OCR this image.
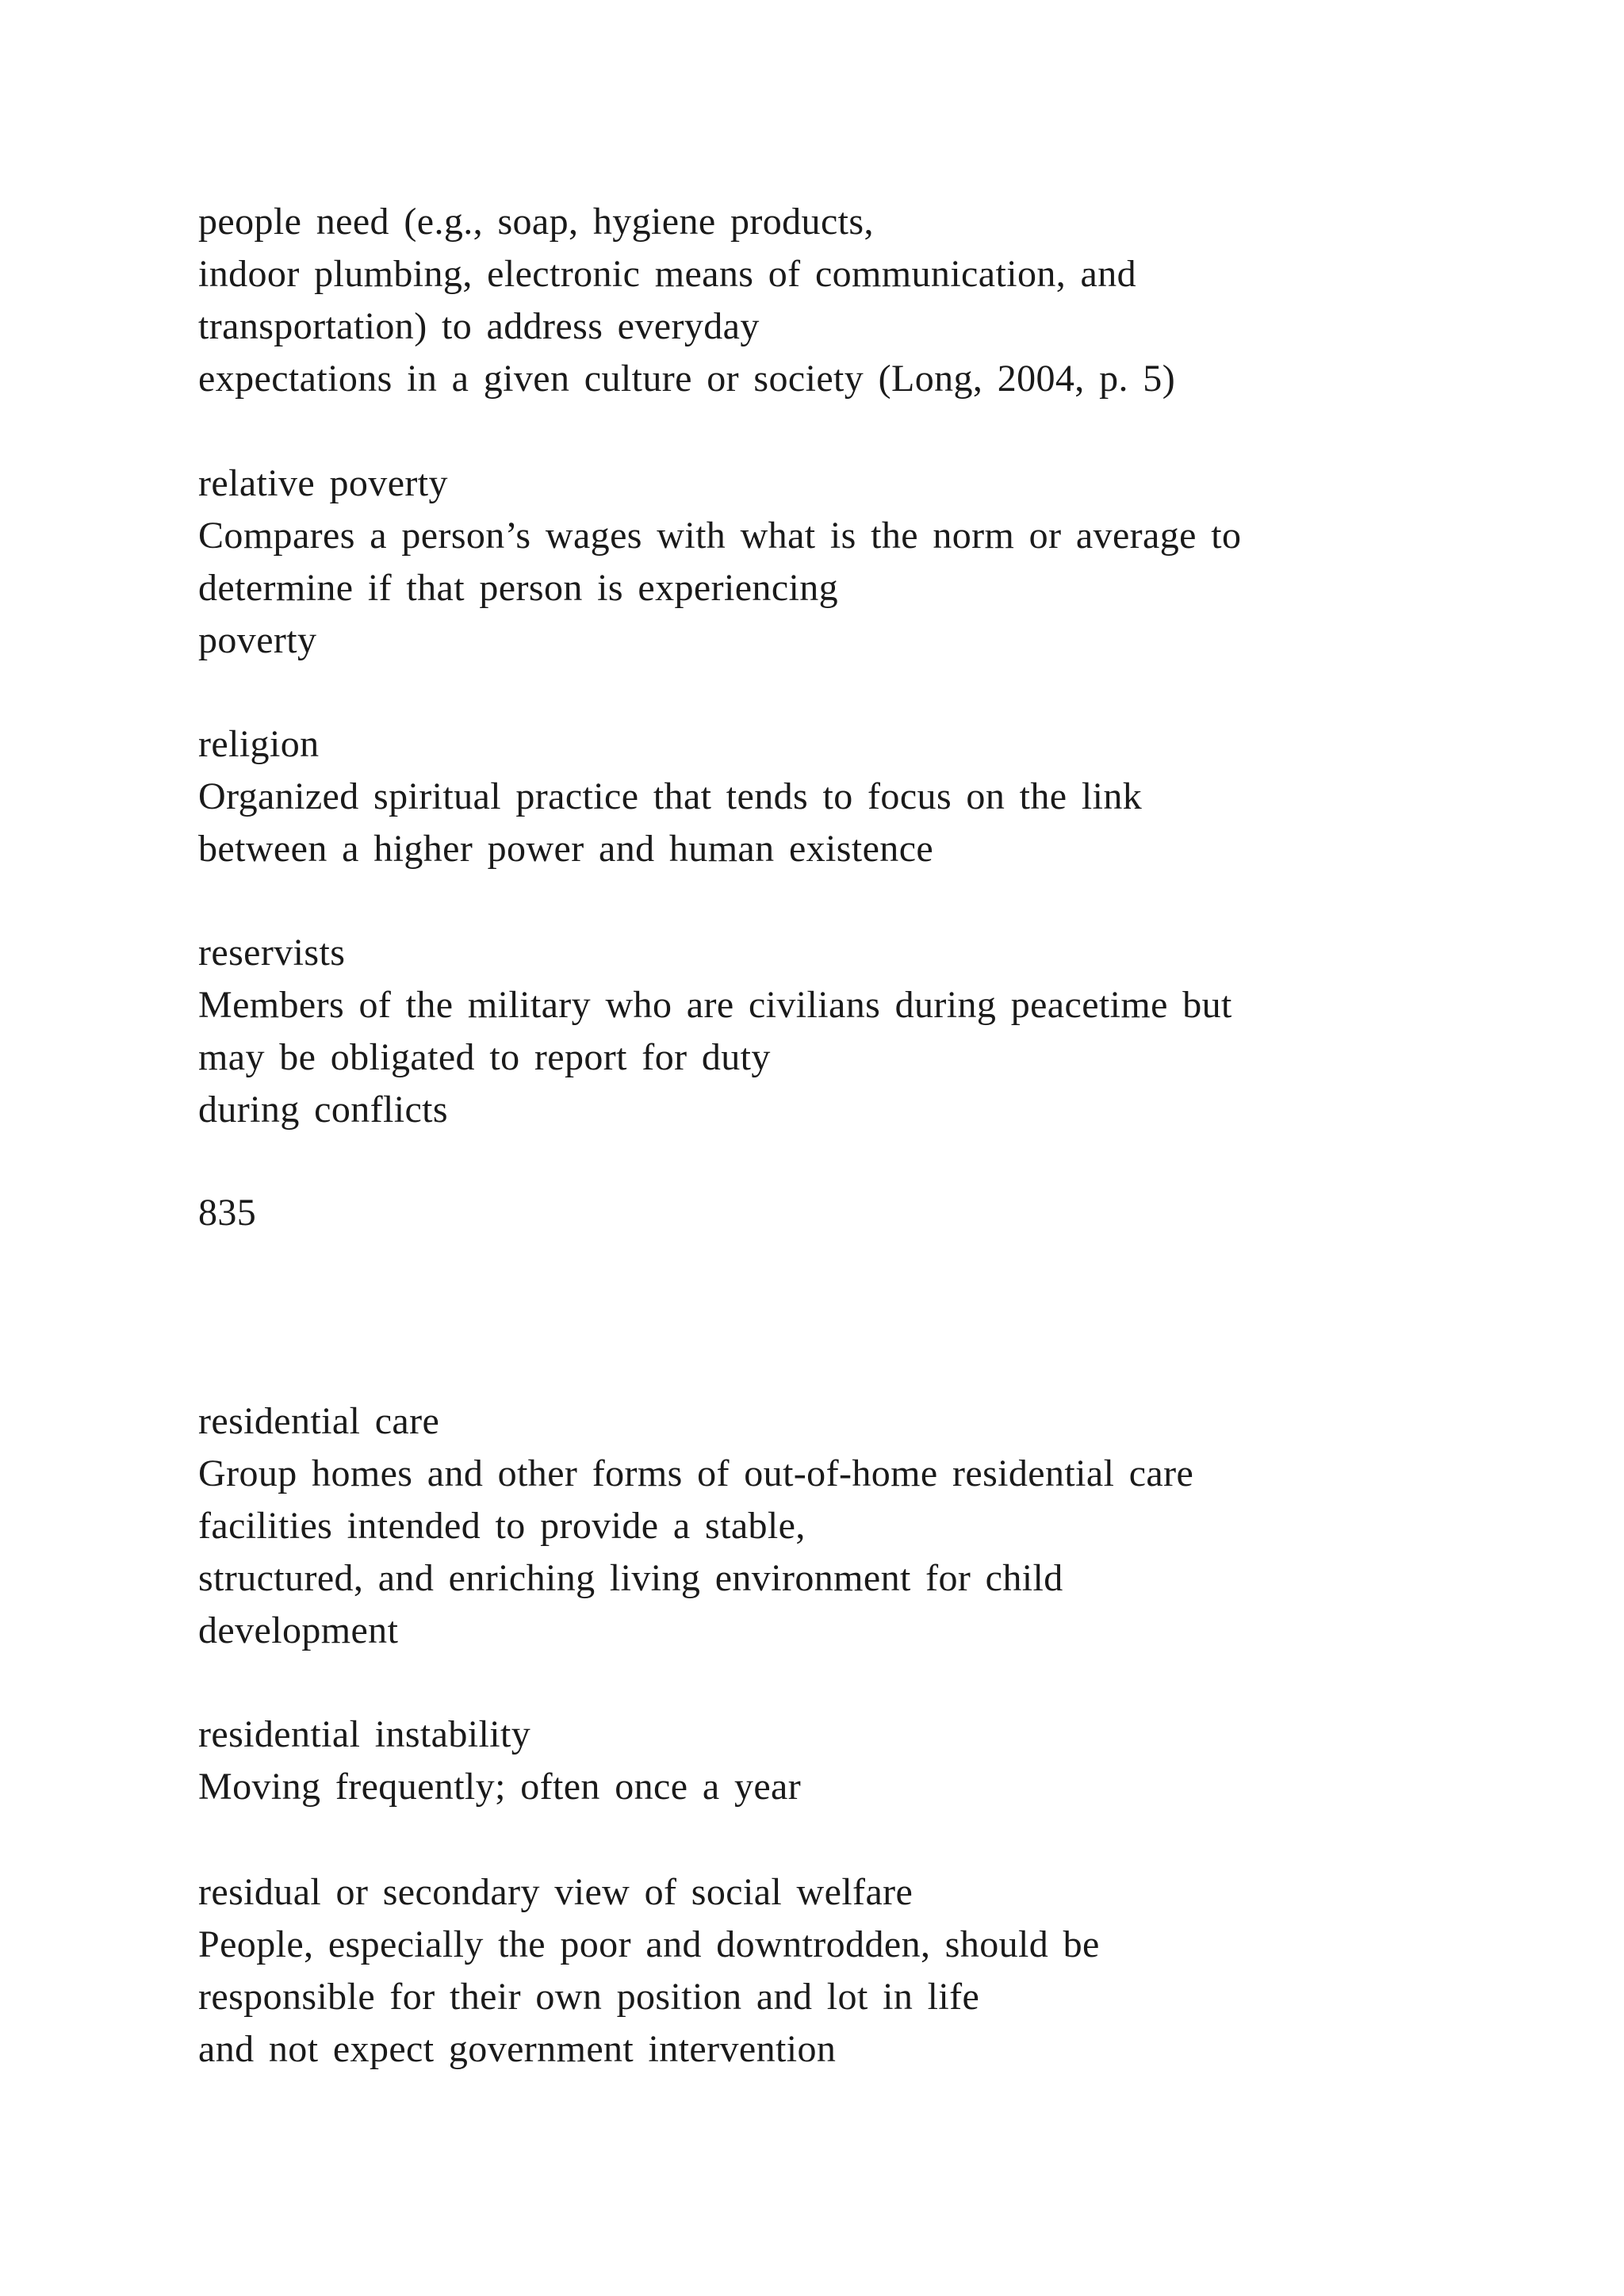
people need (e.g., soap, hygiene products,
indoor plumbing, electronic means of communication, and
transportation) to address everyday
expectations in a given culture or society (Long, 2004, p. 5)
relative poverty
Compares a person’s wages with what is the norm or average to
determine if that person is experiencing
poverty
religion
Organized spiritual practice that tends to focus on the link
between a higher power and human existence
reservists
Members of the military who are civilians during peacetime but
may be obligated to report for duty
during conflicts
835
residential care
Group homes and other forms of out-of-home residential care
facilities intended to provide a stable,
structured, and enriching living environment for child
development
residential instability
Moving frequently; often once a year
residual or secondary view of social welfare
People, especially the poor and downtrodden, should be
responsible for their own position and lot in life
and not expect government intervention
